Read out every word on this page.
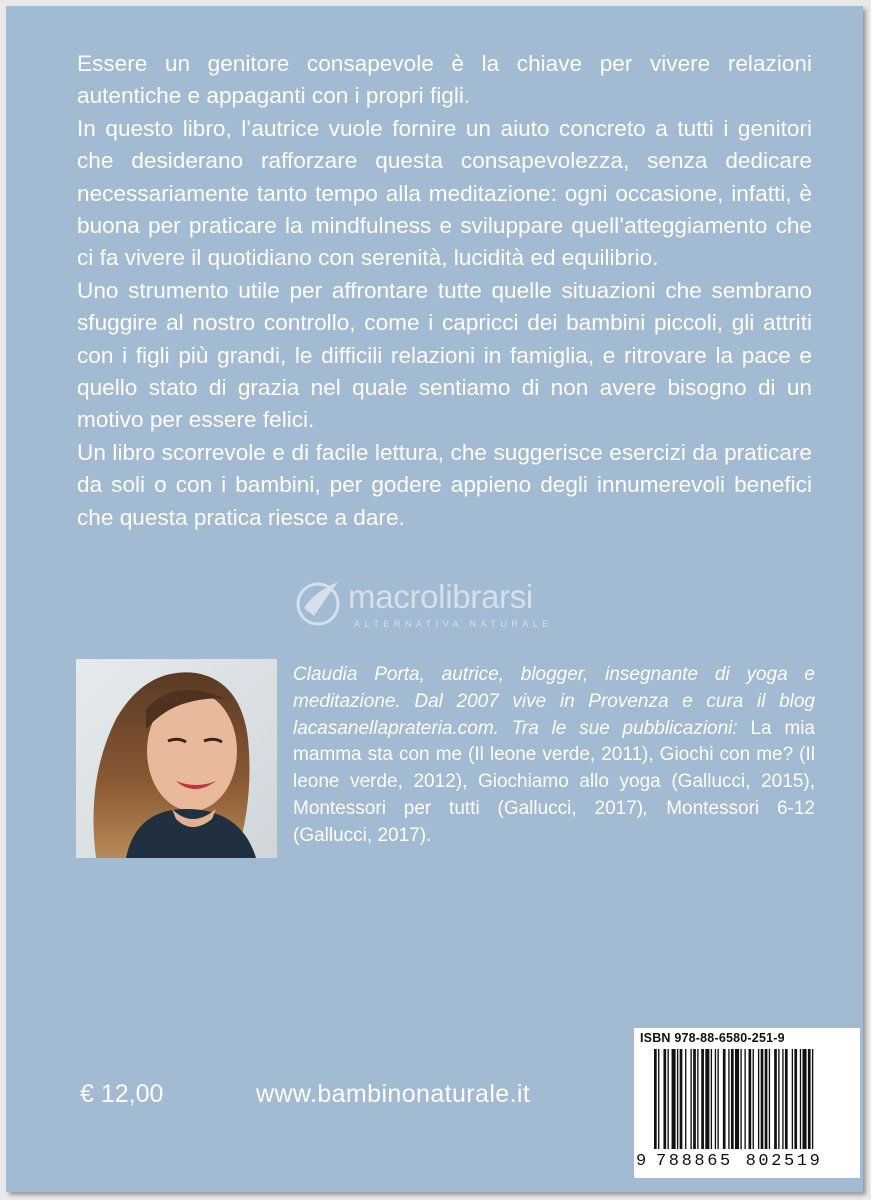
Essere un genitore consapevole è la chiave per vivere relazioni autentiche e appaganti con i propri figli.

In questo libro, l’autrice vuole fornire un aiuto concreto a tutti i genitori che desiderano rafforzare questa consapevolezza, senza dedicare necessariamente tanto tempo alla meditazione: ogni occasione, infatti, è buona per praticare la mindfulness e sviluppare quell’atteggiamento che ci fa vivere il quotidiano con serenità, lucidità ed equilibrio.

Uno strumento utile per affrontare tutte quelle situazioni che sembrano sfuggire al nostro controllo, come i capricci dei bambini piccoli, gli attriti con i figli più grandi, le difficili relazioni in famiglia, e ritrovare la pace e quello stato di grazia nel quale sentiamo di non avere bisogno di un motivo per essere felici.

Un libro scorrevole e di facile lettura, che suggerisce esercizi da praticare da soli o con i bambini, per godere appieno degli innumerevoli benefici che questa pratica riesce a dare.

macrolibrarsi
ALTERNATIVA NATURALE

Claudia Porta, autrice, blogger, insegnante di yoga e meditazione. Dal 2007 vive in Provenza e cura il blog lacasanellaprateria.com. Tra le sue pubblicazioni: La mia mamma sta con me (Il leone verde, 2011), Giochi con me? (Il leone verde, 2012), Giochiamo allo yoga (Gallucci, 2015), Montessori per tutti (Gallucci, 2017), Montessori 6-12 (Gallucci, 2017).

ISBN 978-88-6580-251-9
9 788865 802519
€ 12,00	www.bambinonaturale.it
